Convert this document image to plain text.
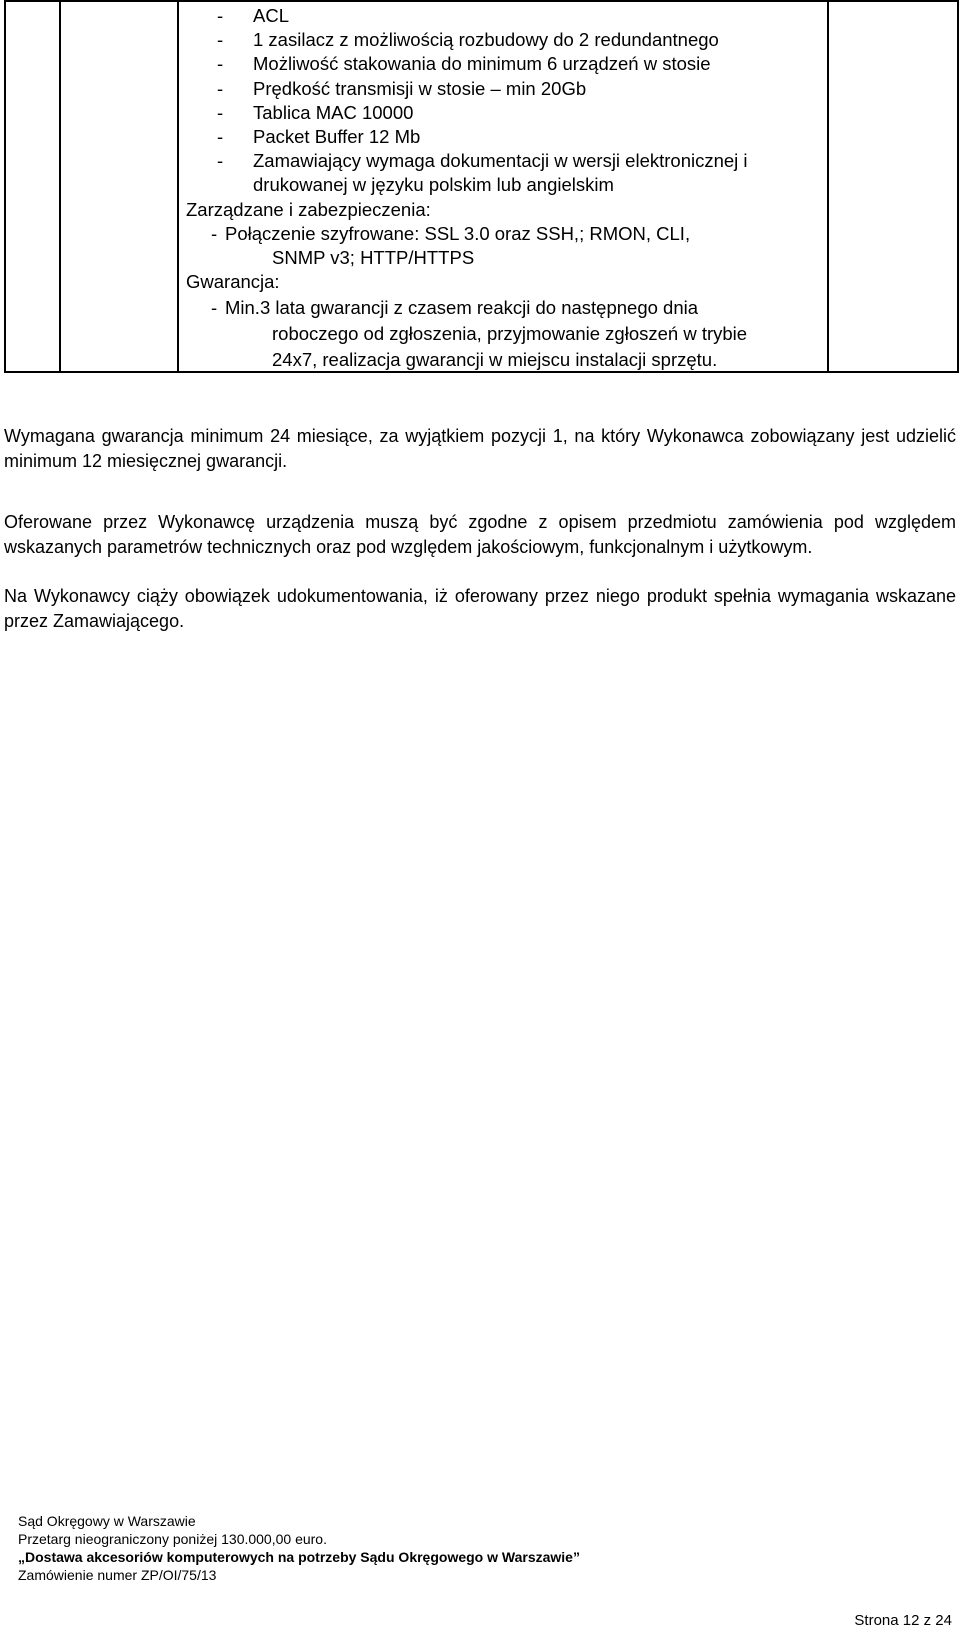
- ACL
- 1 zasilacz z możliwością rozbudowy do 2 redundantnego
- Możliwość stakowania do minimum 6 urządzeń w stosie
- Prędkość transmisji w stosie – min 20Gb
- Tablica MAC 10000
- Packet Buffer 12 Mb
- Zamawiający wymaga dokumentacji w wersji elektronicznej i drukowanej w języku polskim lub angielskim
Zarządzane i zabezpieczenia:
- Połączenie szyfrowane: SSL 3.0 oraz SSH,; RMON, CLI,
SNMP v3; HTTP/HTTPS
Gwarancja:
- Min.3 lata gwarancji z czasem reakcji do następnego dnia
roboczego od zgłoszenia, przyjmowanie zgłoszeń w trybie
24x7, realizacja gwarancji w miejscu instalacji sprzętu.

Wymagana gwarancja minimum 24 miesiące, za wyjątkiem pozycji 1, na który Wykonawca zobowiązany jest udzielić minimum 12 miesięcznej gwarancji.

Oferowane przez Wykonawcę urządzenia muszą być zgodne z opisem przedmiotu zamówienia pod względem wskazanych parametrów technicznych oraz pod względem jakościowym, funkcjonalnym i użytkowym.

Na Wykonawcy ciąży obowiązek udokumentowania, iż oferowany przez niego produkt spełnia wymagania wskazane przez Zamawiającego.

Sąd Okręgowy w Warszawie
Przetarg nieograniczony poniżej 130.000,00 euro.
„Dostawa akcesoriów komputerowych na potrzeby Sądu Okręgowego w Warszawie”
Zamówienie numer ZP/OI/75/13
Strona 12 z 24
